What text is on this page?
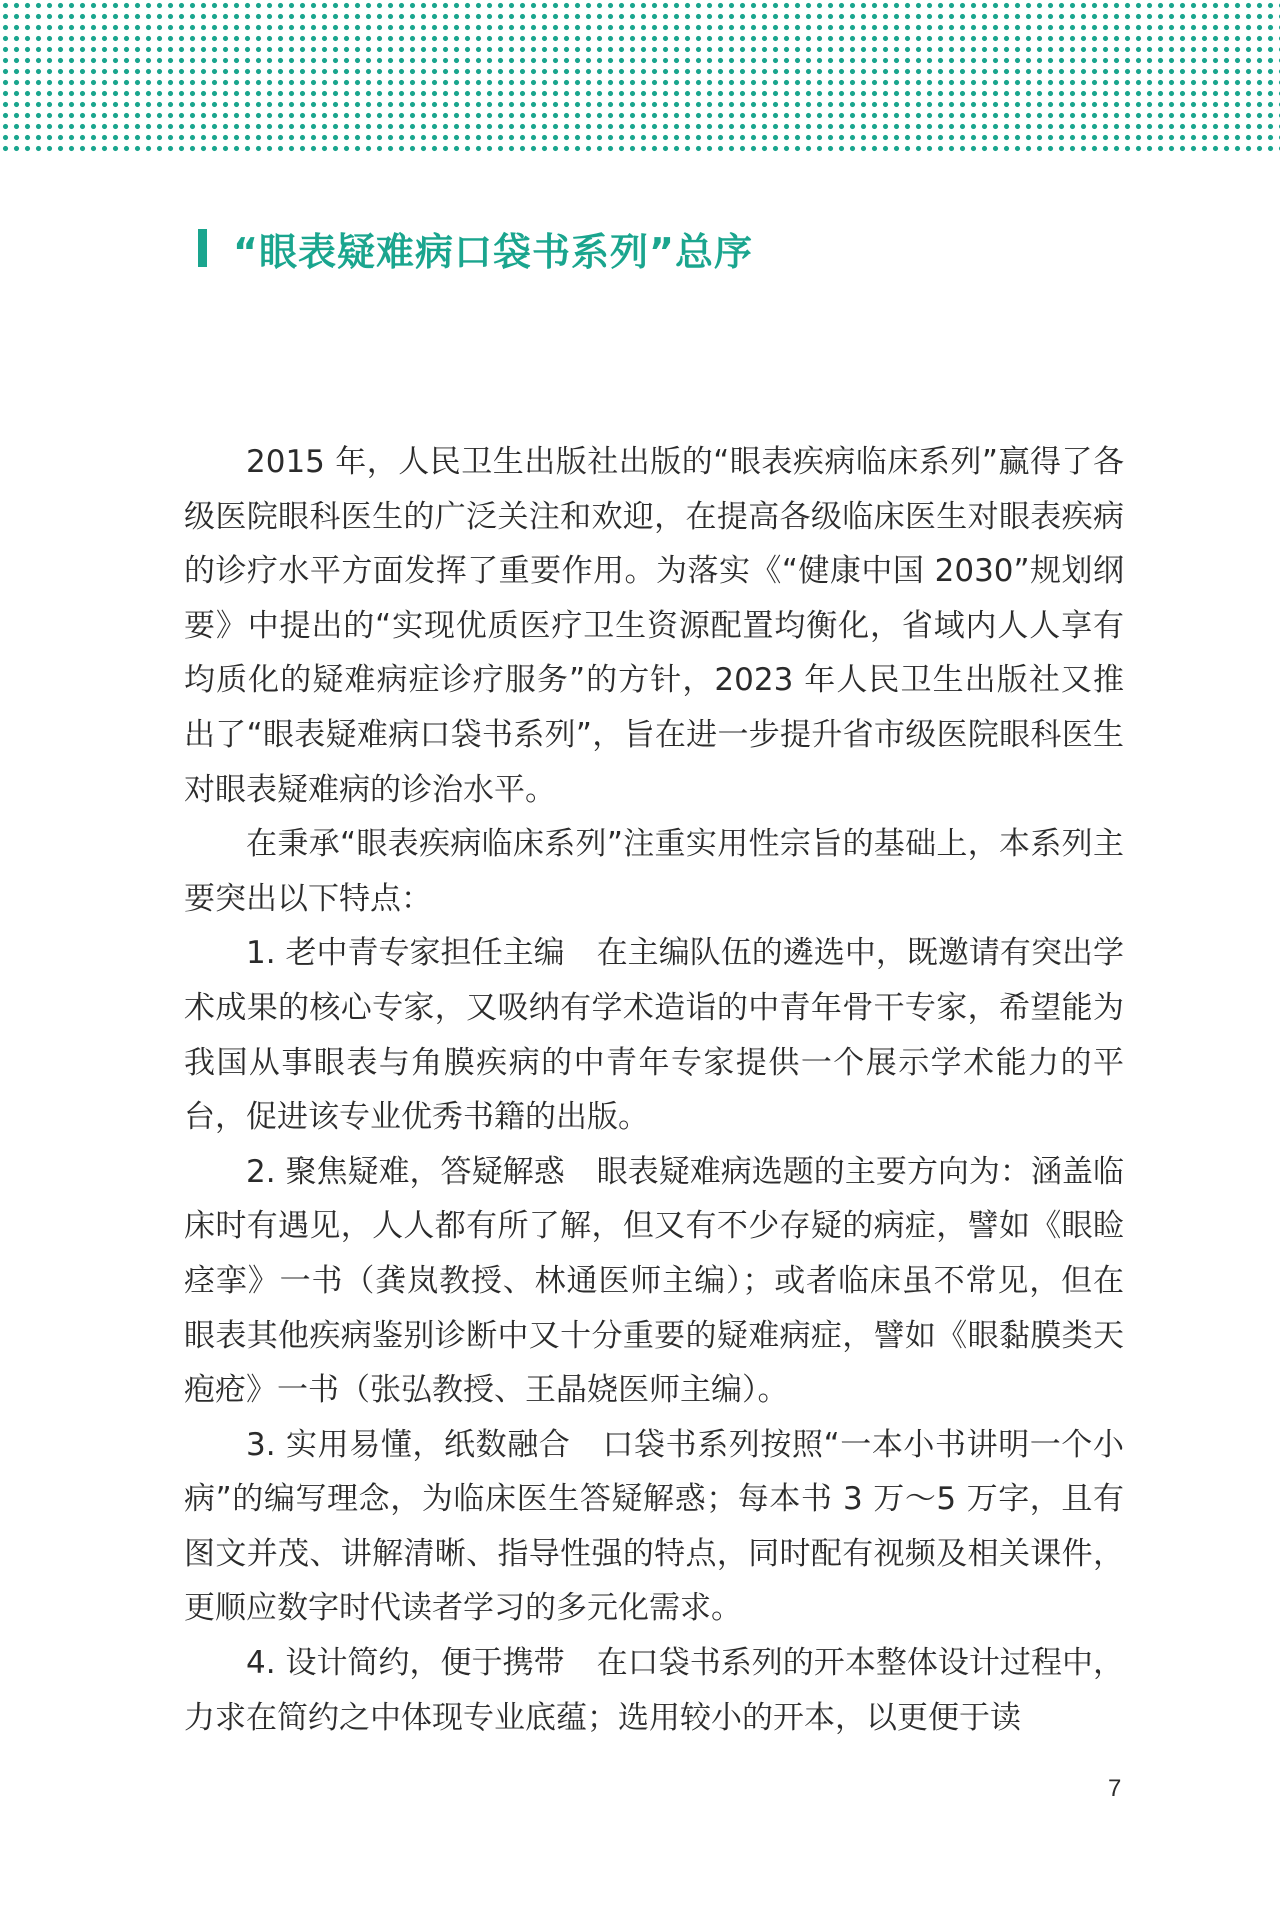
“眼表疑难病口袋书系列”总序

2015 年，人民卫生出版社出版的“眼表疾病临床系列”赢得了各级医院眼科医生的广泛关注和欢迎，在提高各级临床医生对眼表疾病的诊疗水平方面发挥了重要作用。为落实《“健康中国 2030”规划纲要》中提出的“实现优质医疗卫生资源配置均衡化，省域内人人享有均质化的疑难病症诊疗服务”的方针，2023 年人民卫生出版社又推出了“眼表疑难病口袋书系列”，旨在进一步提升省市级医院眼科医生对眼表疑难病的诊治水平。

在秉承“眼表疾病临床系列”注重实用性宗旨的基础上，本系列主要突出以下特点：

1. 老中青专家担任主编 在主编队伍的遴选中，既邀请有突出学术成果的核心专家，又吸纳有学术造诣的中青年骨干专家，希望能为我国从事眼表与角膜疾病的中青年专家提供一个展示学术能力的平台，促进该专业优秀书籍的出版。

2. 聚焦疑难，答疑解惑 眼表疑难病选题的主要方向为：涵盖临床时有遇见，人人都有所了解，但又有不少存疑的病症，譬如《眼睑痉挛》一书（龚岚教授、林通医师主编）；或者临床虽不常见，但在眼表其他疾病鉴别诊断中又十分重要的疑难病症，譬如《眼黏膜类天疱疮》一书（张弘教授、王晶娆医师主编）。

3. 实用易懂，纸数融合 口袋书系列按照“一本小书讲明一个小病”的编写理念，为临床医生答疑解惑；每本书 3 万～5 万字，且有图文并茂、讲解清晰、指导性强的特点，同时配有视频及相关课件，更顺应数字时代读者学习的多元化需求。

4. 设计简约，便于携带 在口袋书系列的开本整体设计过程中，力求在简约之中体现专业底蕴；选用较小的开本，以更便于读

7
